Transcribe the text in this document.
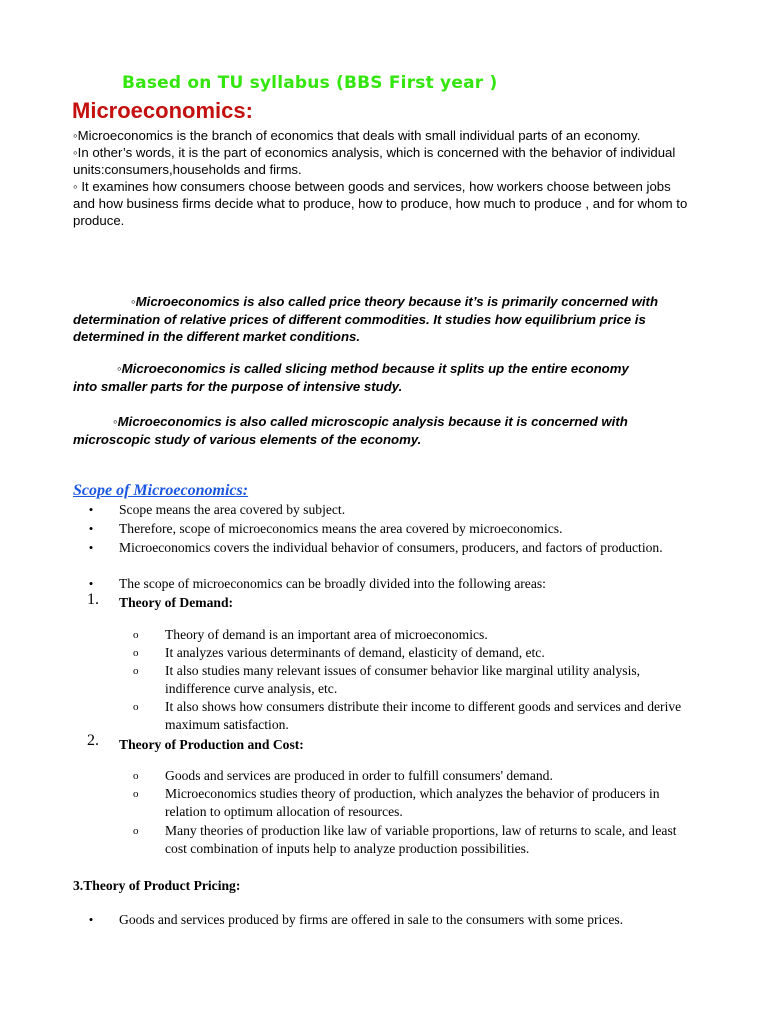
Based on TU syllabus (BBS First year )
Microeconomics:

◦Microeconomics is the branch of economics that deals with small individual parts of an economy.

◦In other’s words, it is the part of economics analysis, which is concerned with the behavior of individual units:consumers,households and firms.

◦ It examines how consumers choose between goods and services, how workers choose between jobs and how business firms decide what to produce, how to produce, how much to produce , and for whom to produce.

◦Microeconomics is also called price theory because it’s is primarily concerned with

determination of relative prices of different commodities. It studies how equilibrium price is determined in the different market conditions.

◦Microeconomics is called slicing method because it splits up the entire economy

into smaller parts for the purpose of intensive study.

◦Microeconomics is also called microscopic analysis because it is concerned with

microscopic study of various elements of the economy.

Scope of Microeconomics:
• Scope means the area covered by subject.
• Therefore, scope of microeconomics means the area covered by microeconomics.
• Microeconomics covers the individual behavior of consumers, producers, and factors of production.
• The scope of microeconomics can be broadly divided into the following areas:
1. Theory of Demand:
o Theory of demand is an important area of microeconomics.
o It analyzes various determinants of demand, elasticity of demand, etc.
o It also studies many relevant issues of consumer behavior like marginal utility analysis, indifference curve analysis, etc.
o It also shows how consumers distribute their income to different goods and services and derive maximum satisfaction.
2. Theory of Production and Cost:
o Goods and services are produced in order to fulfill consumers' demand.
o Microeconomics studies theory of production, which analyzes the behavior of producers in relation to optimum allocation of resources.
o Many theories of production like law of variable proportions, law of returns to scale, and least cost combination of inputs help to analyze production possibilities.
3.Theory of Product Pricing:
• Goods and services produced by firms are offered in sale to the consumers with some prices.
